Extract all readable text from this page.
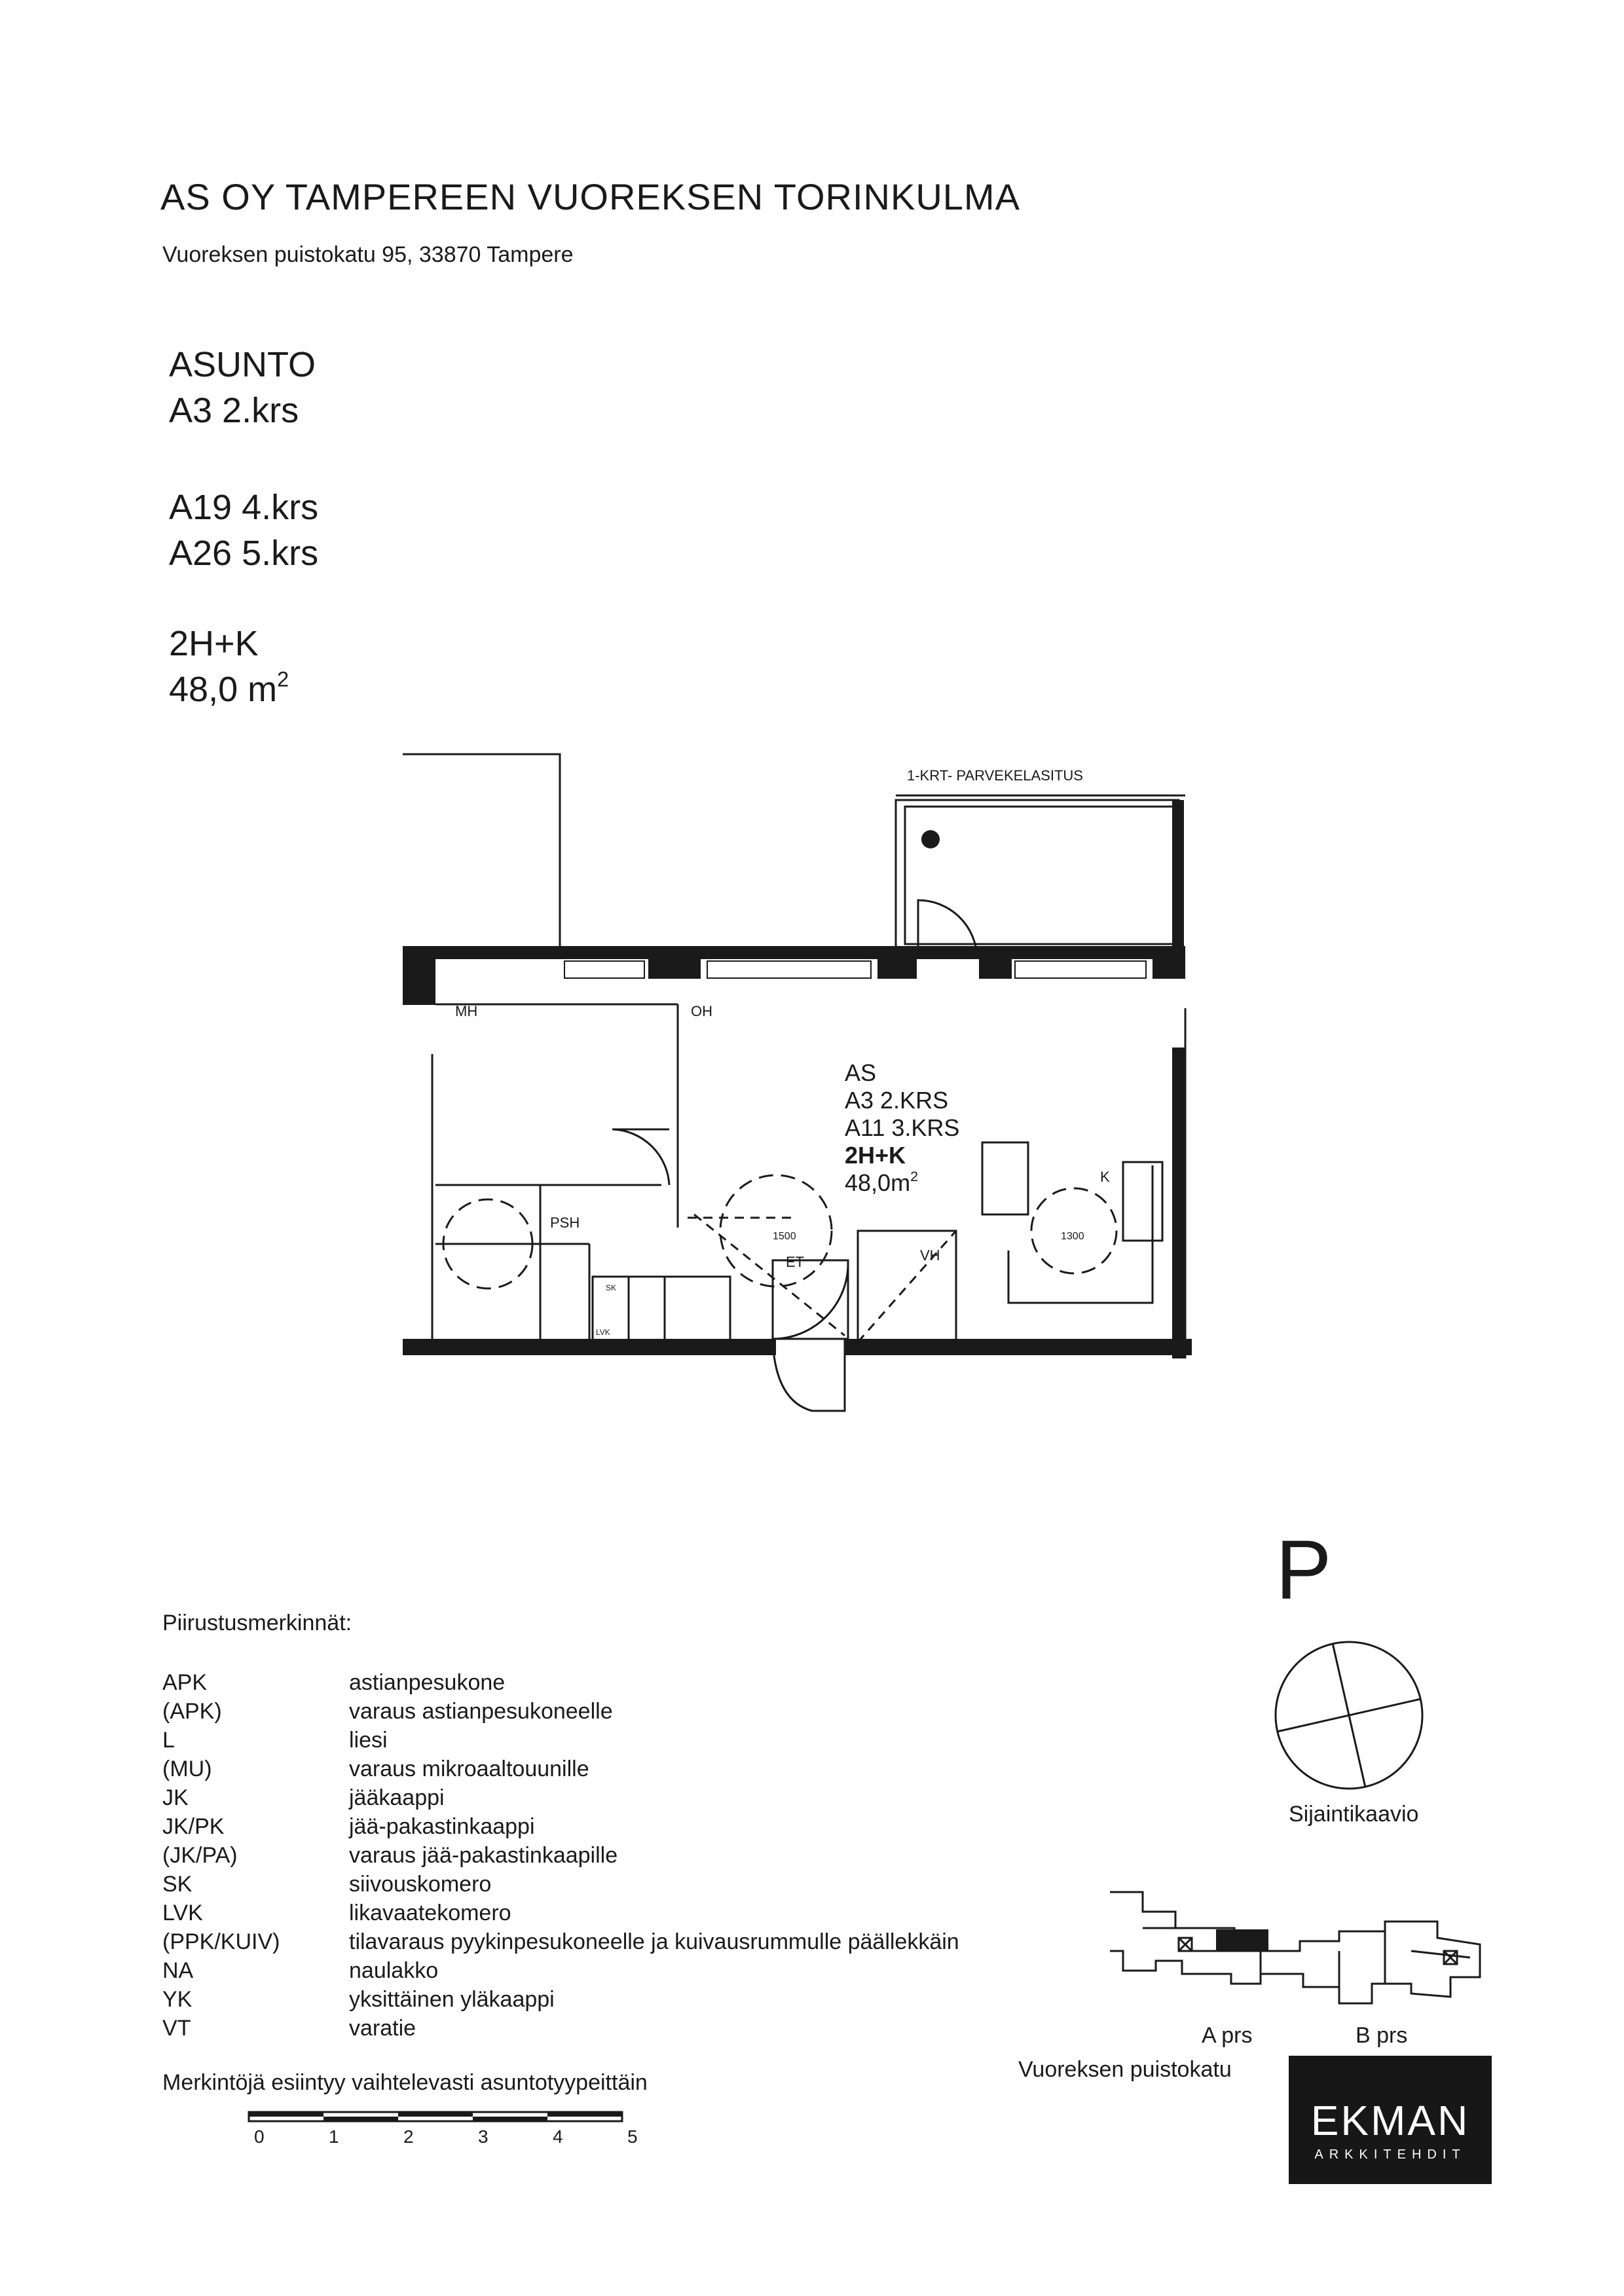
AS OY TAMPEREEN VUOREKSEN TORINKULMA
Vuoreksen puistokatu 95, 33870 Tampere
ASUNTO
A3 2.krs
A19 4.krs
A26 5.krs
2H+K
48,0 $m^2$
1-KRT- PARVEKELASITUS
MH	OH
PSH
ET	VH
K
1500	1300
SK
LVK
AS
A3 2.KRS
A11 3.KRS
2H+K
$48,0m^2$
Piirustusmerkinnät:
APK	astianpesukone
(APK)	varaus astianpesukoneelle
L	liesi
(MU)	varaus mikroaaltouunille
JK	jääkaappi
JK/PK	jää-pakastinkaappi
(JK/PA)	varaus jää-pakastinkaapille
SK	siivouskomero
LVK	likavaatekomero
(PPK/KUIV)	tilavaraus pyykinpesukoneelle ja kuivausrummulle päällekkäin
NA	naulakko
YK	yksittäinen yläkaappi
VT	varatie
Merkintöjä esiintyy vaihtelevasti asuntotyypeittäin
0	1	2	3	4	5
P
Sijaintikaavio
A prs	B prs
Vuoreksen puistokatu
EKMAN
ARKKITEHDIT
